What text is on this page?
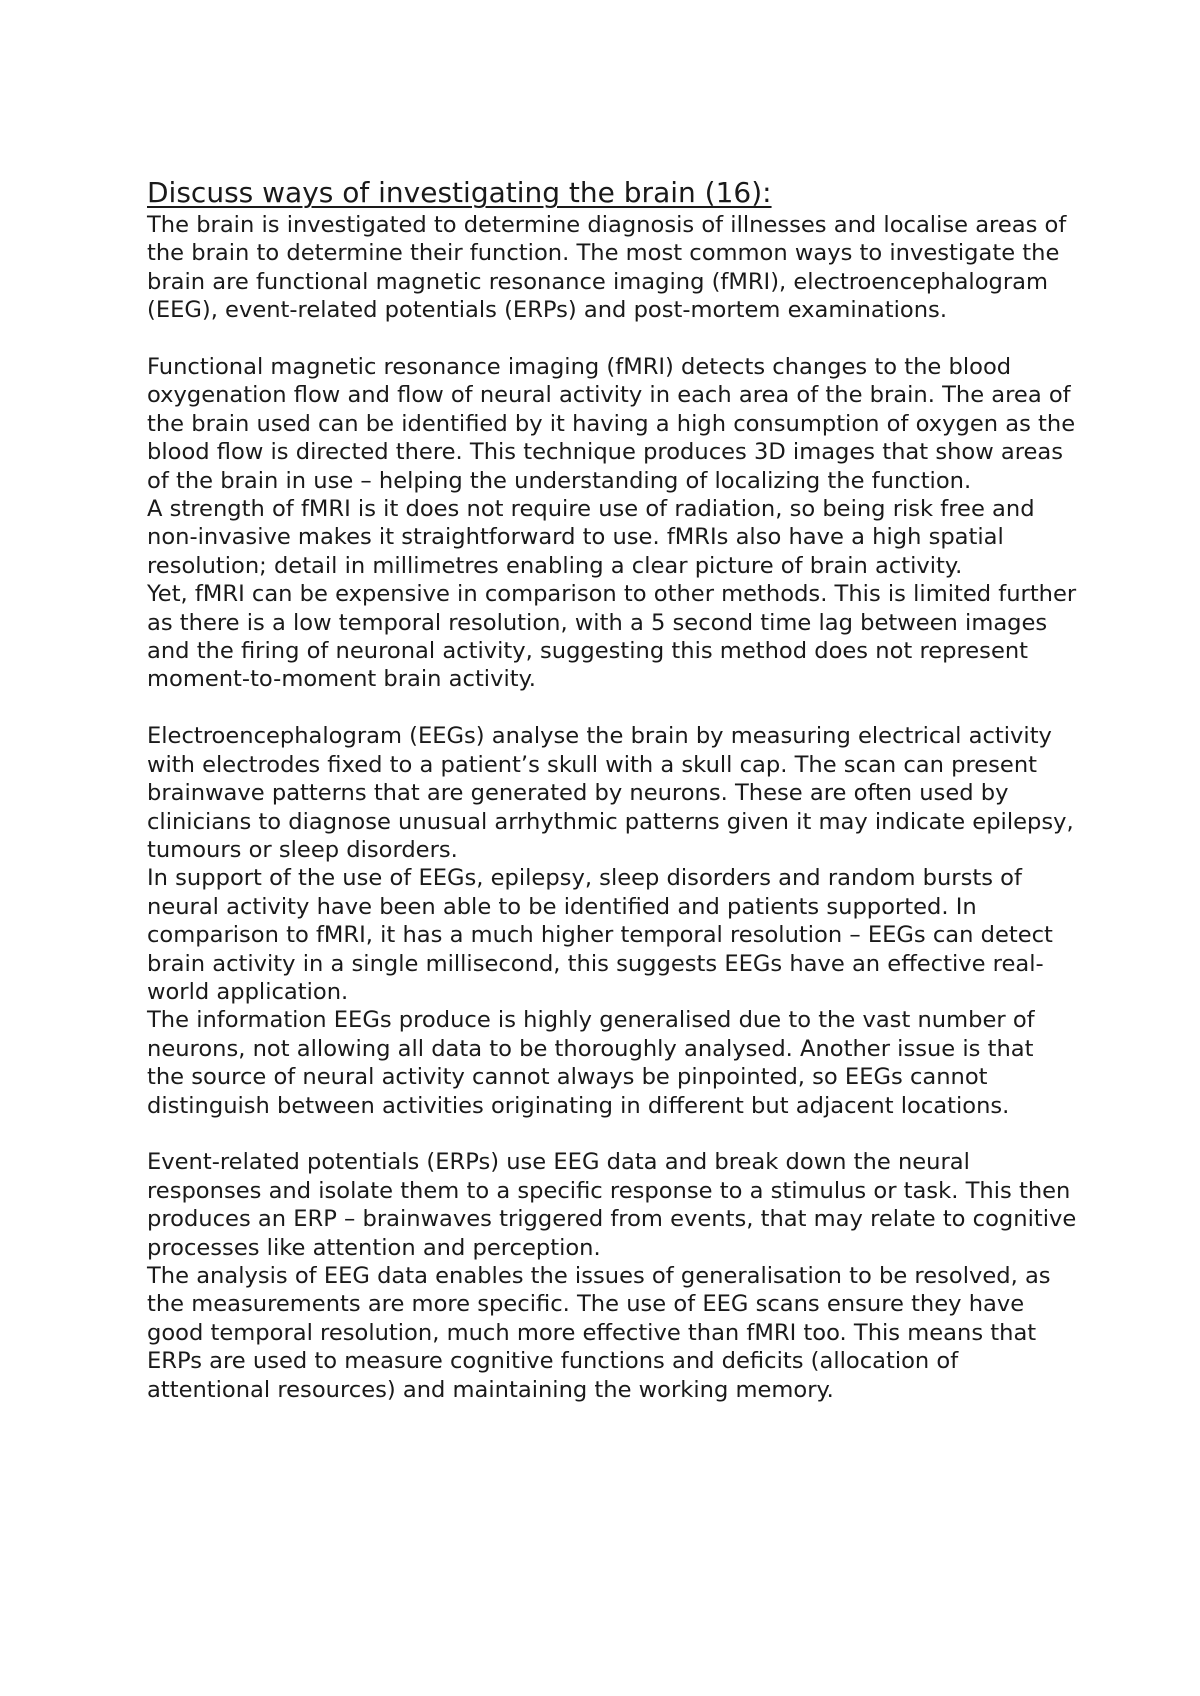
Discuss ways of investigating the brain (16):

The brain is investigated to determine diagnosis of illnesses and localise areas of the brain to determine their function. The most common ways to investigate the brain are functional magnetic resonance imaging (fMRI), electroencephalogram (EEG), event-related potentials (ERPs) and post-mortem examinations.

Functional magnetic resonance imaging (fMRI) detects changes to the blood oxygenation flow and flow of neural activity in each area of the brain. The area of the brain used can be identified by it having a high consumption of oxygen as the blood flow is directed there. This technique produces 3D images that show areas of the brain in use – helping the understanding of localizing the function.

A strength of fMRI is it does not require use of radiation, so being risk free and non-invasive makes it straightforward to use. fMRIs also have a high spatial resolution; detail in millimetres enabling a clear picture of brain activity.

Yet, fMRI can be expensive in comparison to other methods. This is limited further as there is a low temporal resolution, with a 5 second time lag between images and the firing of neuronal activity, suggesting this method does not represent moment-to-moment brain activity.

Electroencephalogram (EEGs) analyse the brain by measuring electrical activity with electrodes fixed to a patient’s skull with a skull cap. The scan can present brainwave patterns that are generated by neurons. These are often used by clinicians to diagnose unusual arrhythmic patterns given it may indicate epilepsy, tumours or sleep disorders.

In support of the use of EEGs, epilepsy, sleep disorders and random bursts of neural activity have been able to be identified and patients supported. In comparison to fMRI, it has a much higher temporal resolution – EEGs can detect brain activity in a single millisecond, this suggests EEGs have an effective real-world application.

The information EEGs produce is highly generalised due to the vast number of neurons, not allowing all data to be thoroughly analysed. Another issue is that the source of neural activity cannot always be pinpointed, so EEGs cannot distinguish between activities originating in different but adjacent locations.

Event-related potentials (ERPs) use EEG data and break down the neural responses and isolate them to a specific response to a stimulus or task. This then produces an ERP – brainwaves triggered from events, that may relate to cognitive processes like attention and perception.

The analysis of EEG data enables the issues of generalisation to be resolved, as the measurements are more specific. The use of EEG scans ensure they have good temporal resolution, much more effective than fMRI too. This means that ERPs are used to measure cognitive functions and deficits (allocation of attentional resources) and maintaining the working memory.
